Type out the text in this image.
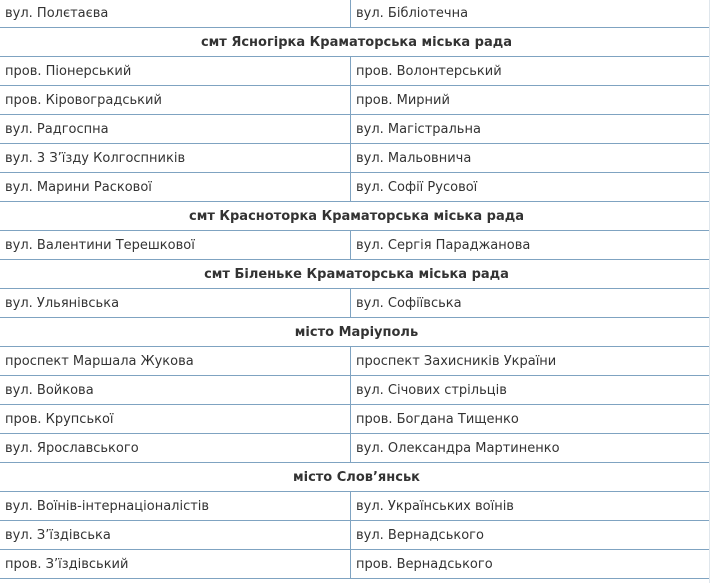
вул. Полєтаєва	вул. Бібліотечна
смт Ясногірка Краматорська міська рада	
пров. Піонерський	пров. Волонтерський
пров. Кіровоградський	пров. Мирний
вул. Радгоспна	вул. Магістральна
вул. 3 З’їзду Колгоспників	вул. Мальовнича
вул. Марини Раскової	вул. Софії Русової
смт Красноторка Краматорська міська рада	
вул. Валентини Терешкової	вул. Сергія Параджанова
смт Біленьке Краматорська міська рада	
вул. Ульянівська	вул. Софіївська
місто Маріуполь	
проспект Маршала Жукова	проспект Захисників України
вул. Войкова	вул. Січових стрільців
пров. Крупської	пров. Богдана Тищенко
вул. Ярославського	вул. Олександра Мартиненко
місто Слов’янськ	
вул. Воїнів-інтернаціоналістів	вул. Українських воїнів
вул. З’їздівська	вул. Вернадського
пров. З’їздівський	пров. Вернадського
